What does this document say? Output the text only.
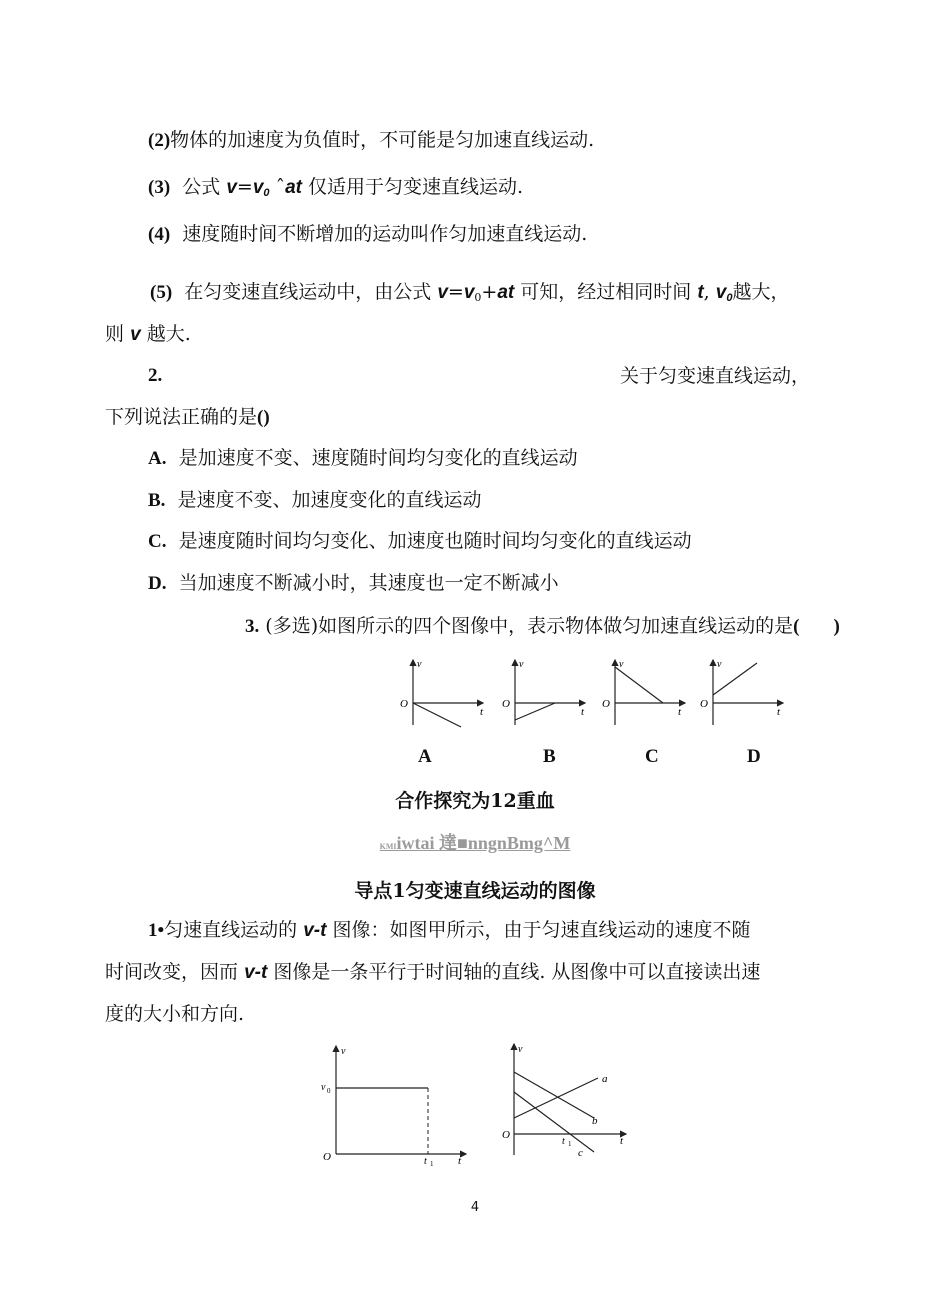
(2)物体的加速度为负值时，不可能是匀加速直线运动.
(3) 公式 $v=v_0$ ˆat 仅适用于匀变速直线运动.
(4) 速度随时间不断增加的运动叫作匀加速直线运动.
(5) 在匀变速直线运动中，由公式 $v=v_0+at$ 可知，经过相同时间 t, $v_0$越大，
则 v 越大.
2.	关于匀变速直线运动，
下列说法正确的是()
A. 是加速度不变、速度随时间均匀变化的直线运动
B. 是速度不变、加速度变化的直线运动
C. 是速度随时间均匀变化、加速度也随时间均匀变化的直线运动
D. 当加速度不断减小时，其速度也一定不断减小
3. (多选)如图所示的四个图像中，表示物体做匀加速直线运动的是( )
v
O
t
v
O
t
v
O
t
v
O
t
A	B	C	D
合作探究为12重血
KMIiwtai 達■nngnBmg^M
导点1匀变速直线运动的图像
1•匀速直线运动的 v-t 图像：如图甲所示，由于匀速直线运动的速度不随
时间改变，因而 v-t 图像是一条平行于时间轴的直线. 从图像中可以直接读出速
度的大小和方向.
v
v 0
O	t 1 t
v
O
a
b
c
t 1	t
4
